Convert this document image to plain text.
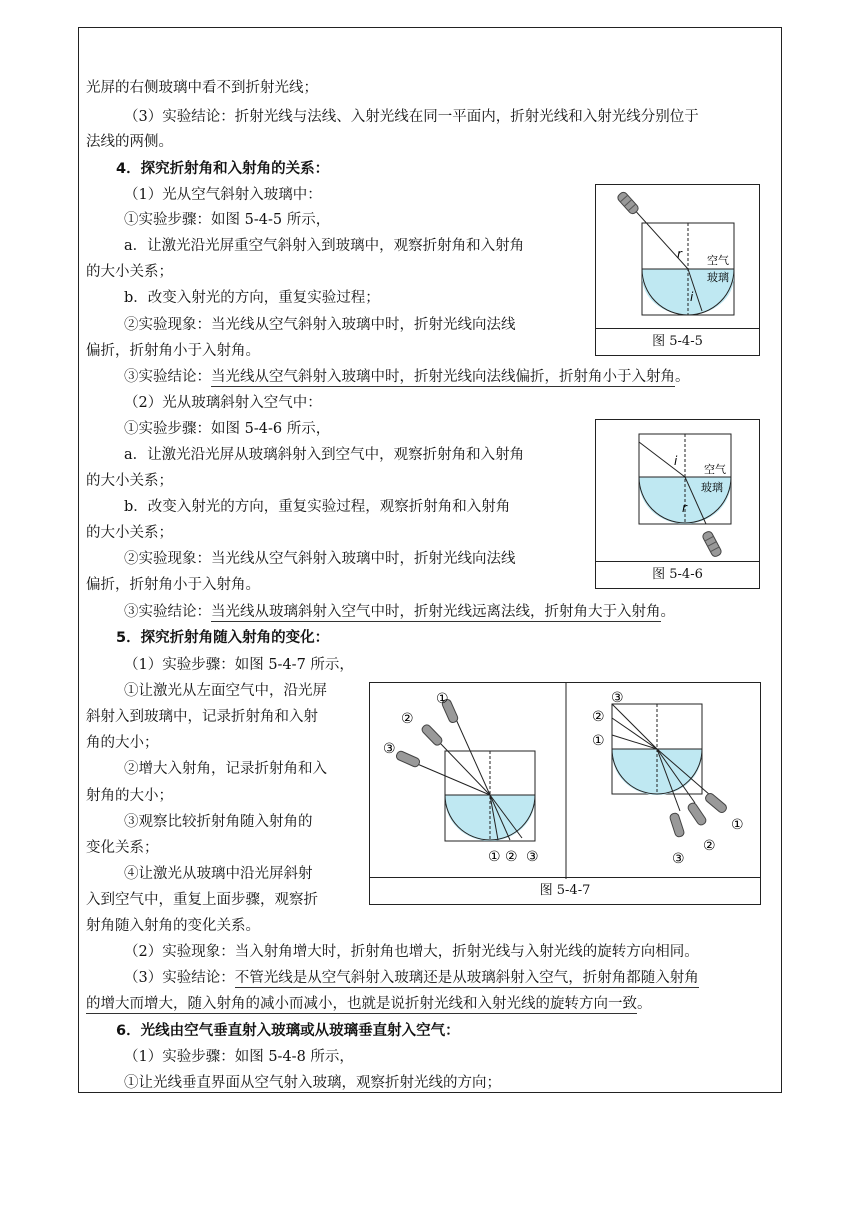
光屏的右侧玻璃中看不到折射光线；
（3）实验结论：折射光线与法线、入射光线在同一平面内，折射光线和入射光线分别位于
法线的两侧。
4．探究折射角和入射角的关系：
（1）光从空气斜射入玻璃中：
①实验步骤：如图 5-4-5 所示，
a．让激光沿光屏重空气斜射入到玻璃中，观察折射角和入射角
的大小关系；
b．改变入射光的方向，重复实验过程；
②实验现象：当光线从空气斜射入玻璃中时，折射光线向法线
偏折，折射角小于入射角。
③实验结论：当光线从空气斜射入玻璃中时，折射光线向法线偏折，折射角小于入射角。
（2）光从玻璃斜射入空气中：
①实验步骤：如图 5-4-6 所示，
a．让激光沿光屏从玻璃斜射入到空气中，观察折射角和入射角
的大小关系；
b．改变入射光的方向，重复实验过程，观察折射角和入射角
的大小关系；
②实验现象：当光线从空气斜射入玻璃中时，折射光线向法线
偏折，折射角小于入射角。
③实验结论：当光线从玻璃斜射入空气中时，折射光线远离法线，折射角大于入射角。
5．探究折射角随入射角的变化：
（1）实验步骤：如图 5-4-7 所示，
①让激光从左面空气中，沿光屏
斜射入到玻璃中，记录折射角和入射
角的大小；
②增大入射角，记录折射角和入
射角的大小；
③观察比较折射角随入射角的
变化关系；
④让激光从玻璃中沿光屏斜射
入到空气中，重复上面步骤，观察折
射角随入射角的变化关系。
（2）实验现象：当入射角增大时，折射角也增大，折射光线与入射光线的旋转方向相同。
（3）实验结论：不管光线是从空气斜射入玻璃还是从玻璃斜射入空气，折射角都随入射角
的增大而增大，随入射角的减小而减小，也就是说折射光线和入射光线的旋转方向一致。
6．光线由空气垂直射入玻璃或从玻璃垂直射入空气：
（1）实验步骤：如图 5-4-8 所示，
①让光线垂直界面从空气射入玻璃，观察折射光线的方向；
r
i
空气
玻璃
图 5-4-5
i
r
空气
玻璃
图 5-4-6
①
②
③
① ② ③
③
②
①
①
②
③
图 5-4-7
